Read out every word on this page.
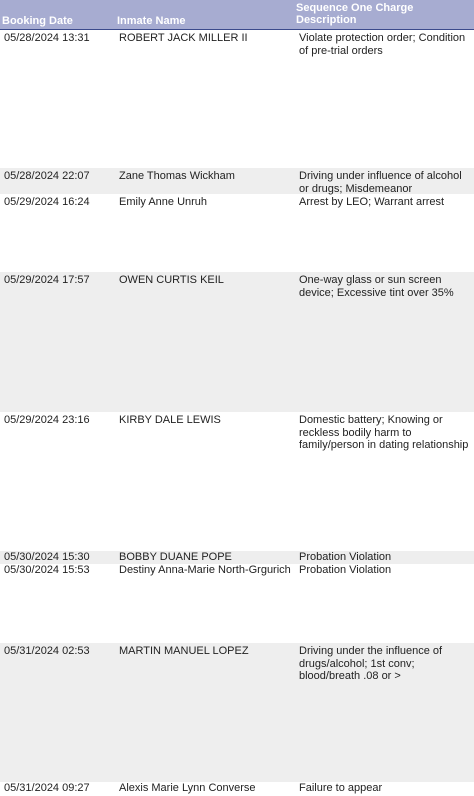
Booking Date	Inmate Name
Sequence One Charge
Description
05/28/2024 13:31	ROBERT JACK MILLER II	Violate protection order; Condition
of pre-trial orders
05/28/2024 22:07	Zane Thomas Wickham	Driving under influence of alcohol
or drugs; Misdemeanor
05/29/2024 16:24	Emily Anne Unruh	Arrest by LEO; Warrant arrest
05/29/2024 17:57	OWEN CURTIS KEIL	One-way glass or sun screen
device; Excessive tint over 35%
05/29/2024 23:16	KIRBY DALE LEWIS	Domestic battery; Knowing or
reckless bodily harm to
family/person in dating relationship
05/30/2024 15:30	BOBBY DUANE POPE	Probation Violation
05/30/2024 15:53	Destiny Anna-Marie North-Grgurich Probation Violation
05/31/2024 02:53	MARTIN MANUEL LOPEZ	Driving under the influence of
drugs/alcohol; 1st conv;
blood/breath .08 or >
05/31/2024 09:27	Alexis Marie Lynn Converse	Failure to appear
